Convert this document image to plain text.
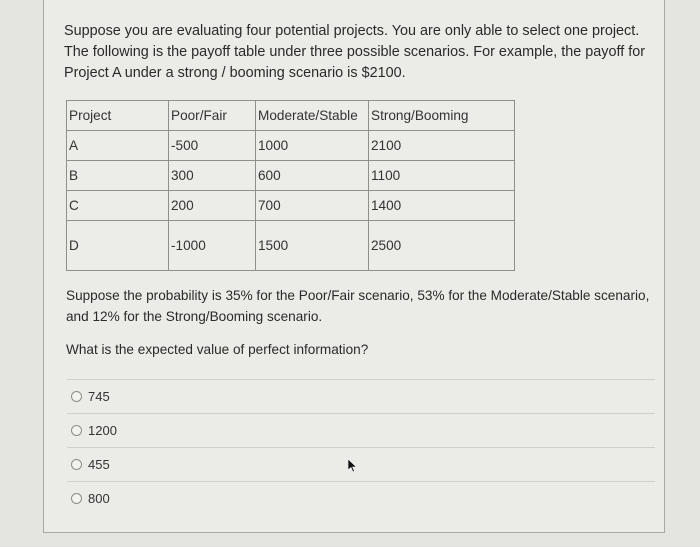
Suppose you are evaluating four potential projects. You are only able to select one project. The following is the payoff table under three possible scenarios. For example, the payoff for Project A under a strong / booming scenario is $2100.

Project	Poor/Fair	Moderate/Stable	Strong/Booming
A	-500	1000	2100
B	300	600	1100
C	200	700	1400
D	-1000	1500	2500

Suppose the probability is 35% for the Poor/Fair scenario, 53% for the Moderate/Stable scenario, and 12% for the Strong/Booming scenario.

What is the expected value of perfect information?

745
1200
455
800
